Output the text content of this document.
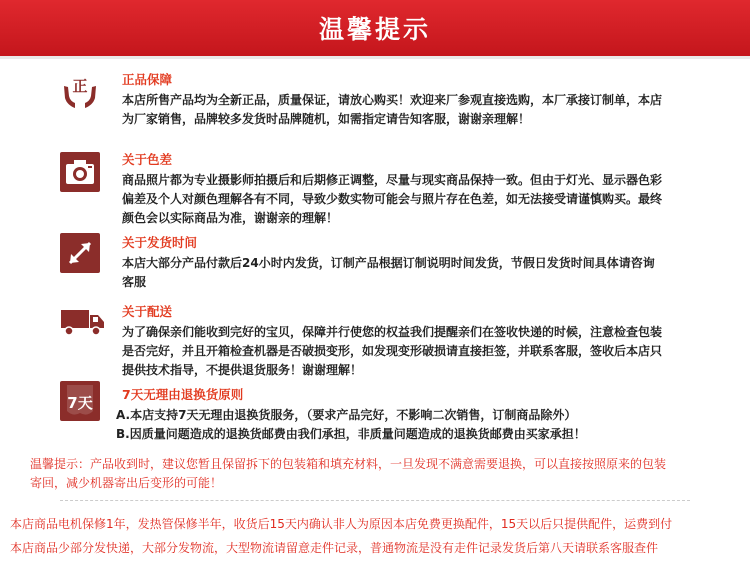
温馨提示
正	正品保障
本店所售产品均为全新正品，质量保证，请放心购买！欢迎来厂参观直接选购，本厂承接订制单，本店
为厂家销售，品牌较多发货时品牌随机，如需指定请告知客服，谢谢亲理解！
关于色差
商品照片都为专业摄影师拍摄后和后期修正调整，尽量与现实商品保持一致。但由于灯光、显示器色彩
偏差及个人对颜色理解各有不同，导致少数实物可能会与照片存在色差，如无法接受请谨慎购买。最终
颜色会以实际商品为准，谢谢亲的理解！
关于发货时间
本店大部分产品付款后24小时内发货，订制产品根据订制说明时间发货，节假日发货时间具体请咨询
客服
关于配送
为了确保亲们能收到完好的宝贝，保障并行使您的权益我们提醒亲们在签收快递的时候，注意检查包装
是否完好，并且开箱检查机器是否破损变形，如发现变形破损请直接拒签，并联系客服，签收后本店只
提供技术指导，不提供退货服务！谢谢理解！
7天 7天无理由退换货原则
A.本店支持7天无理由退换货服务，（要求产品完好，不影响二次销售，订制商品除外）
B.因质量问题造成的退换货邮费由我们承担，非质量问题造成的退换货邮费由买家承担！
温馨提示：产品收到时，建议您暂且保留拆下的包装箱和填充材料，一旦发现不满意需要退换，可以直接按照原来的包装
寄回，减少机器寄出后变形的可能！
本店商品电机保修1年，发热管保修半年，收货后15天内确认非人为原因本店免费更换配件，15天以后只提供配件，运费到付
本店商品少部分发快递，大部分发物流，大型物流请留意走件记录，普通物流是没有走件记录发货后第八天请联系客服查件
